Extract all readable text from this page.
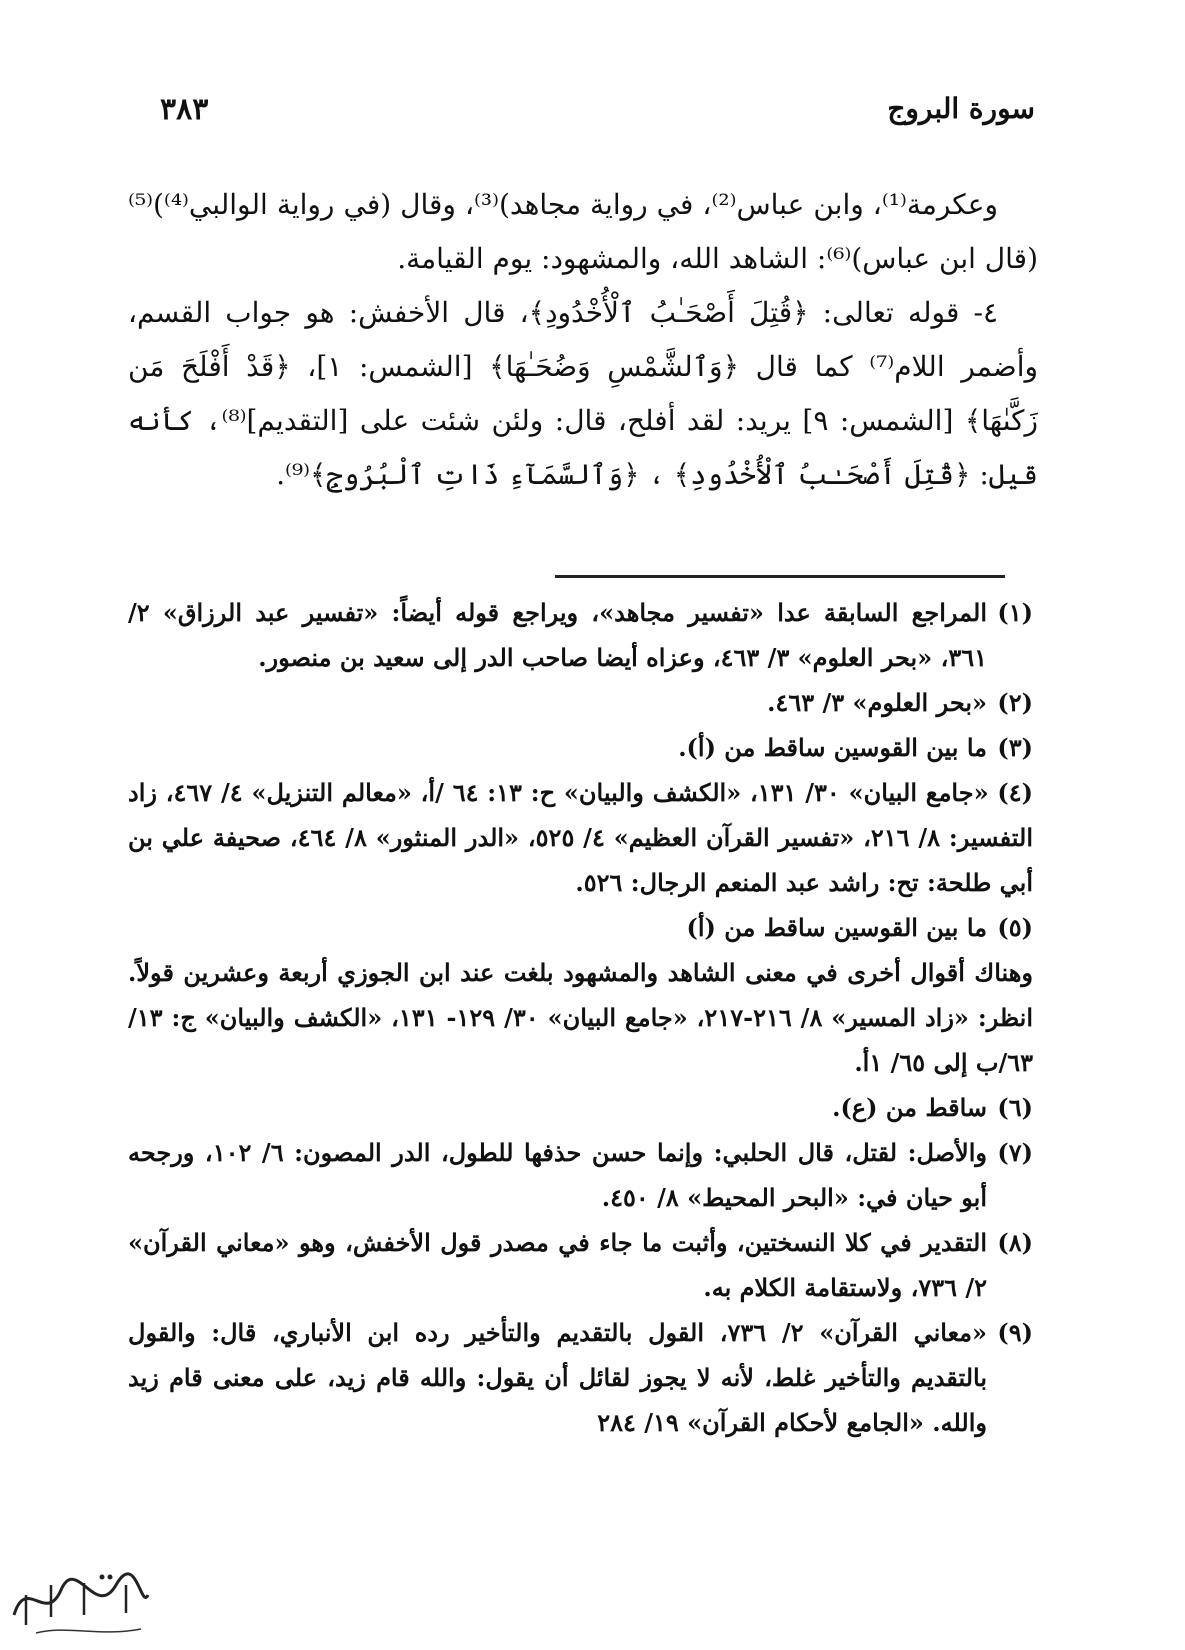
سورة البروج
٣٨٣

وعكرمة⁽¹⁾، وابن عباس⁽²⁾، في رواية مجاهد)⁽³⁾، وقال (في رواية الوالبي⁽⁴⁾)⁽⁵⁾ (قال ابن عباس)⁽⁶⁾: الشاهد الله، والمشهود: يوم القيامة.

٤- قوله تعالى: ﴿قُتِلَ أَصْحَـٰبُ ٱلْأُخْدُودِ﴾، قال الأخفش: هو جواب القسم، وأضمر اللام⁽⁷⁾ كما قال ﴿وَٱلشَّمْسِ وَضُحَـٰهَا﴾ [الشمس: ١]، ﴿قَدْ أَفْلَحَ مَن زَكَّىٰهَا﴾ [الشمس: ٩] يريد: لقد أفلح، قال: ولئن شئت على [التقديم]⁽⁸⁾، كأنه قيل: ﴿قُتِلَ أَصْحَـٰبُ ٱلْأُخْدُودِ﴾ ، ﴿وَٱلسَّمَآءِ ذَاتِ ٱلْبُرُوجِ﴾⁽⁹⁾.

(١)
المراجع السابقة عدا «تفسير مجاهد»، ويراجع قوله أيضاً: «تفسير عبد الرزاق» ٢/ ٣٦١، «بحر العلوم» ٣/ ٤٦٣، وعزاه أيضا صاحب الدر إلى سعيد بن منصور.
(٢)
«بحر العلوم» ٣/ ٤٦٣.
(٣)
ما بين القوسين ساقط من (أ).
(٤) «جامع البيان» ٣٠/ ١٣١، «الكشف والبيان» ح: ١٣: ٦٤ /أ، «معالم التنزيل» ٤/ ٤٦٧، زاد التفسير: ٨/ ٢١٦، «تفسير القرآن العظيم» ٤/ ٥٢٥، «الدر المنثور» ٨/ ٤٦٤، صحيفة علي بن أبي طلحة: تح: راشد عبد المنعم الرجال: ٥٢٦.
(٥)
ما بين القوسين ساقط من (أ)
وهناك أقوال أخرى في معنى الشاهد والمشهود بلغت عند ابن الجوزي أربعة وعشرين قولاً. انظر: «زاد المسير» ٨/ ٢١٦-٢١٧، «جامع البيان» ٣٠/ ١٢٩- ١٣١، «الكشف والبيان» ج: ١٣/ ٦٣/ب إلى ٦٥/ ١أ.
(٦)
ساقط من (ع).
(٧)
والأصل: لقتل، قال الحلبي: وإنما حسن حذفها للطول، الدر المصون: ٦/ ١٠٢، ورجحه أبو حيان في: «البحر المحيط» ٨/ ٤٥٠.
(٨)
التقدير في كلا النسختين، وأثبت ما جاء في مصدر قول الأخفش، وهو «معاني القرآن» ٢/ ٧٣٦، ولاستقامة الكلام به.
(٩)
«معاني القرآن» ٢/ ٧٣٦، القول بالتقديم والتأخير رده ابن الأنباري، قال: والقول بالتقديم والتأخير غلط، لأنه لا يجوز لقائل أن يقول: والله قام زيد، على معنى قام زيد والله. «الجامع لأحكام القرآن» ١٩/ ٢٨٤
